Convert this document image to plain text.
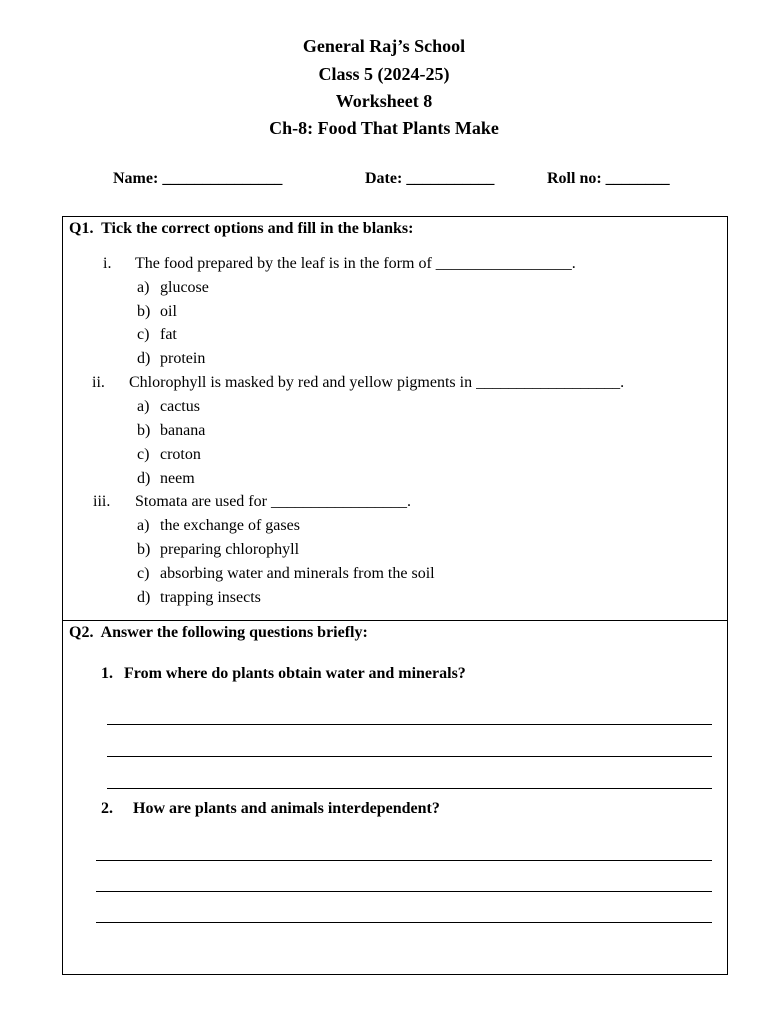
General Raj’s School
Class 5 (2024-25)
Worksheet 8
Ch-8: Food That Plants Make
Name: _______________	Date: ___________	Roll no: ________
Q1.  Tick the correct options and fill in the blanks:
i. The food prepared by the leaf is in the form of _________________.
a) glucose
b) oil
c) fat
d) protein
ii. Chlorophyll is masked by red and yellow pigments in __________________.
a) cactus
b) banana
c) croton
d) neem
iii. Stomata are used for _________________.
a) the exchange of gases
b) preparing chlorophyll
c) absorbing water and minerals from the soil
d) trapping insects
Q2.  Answer the following questions briefly:
1. From where do plants obtain water and minerals?
2. How are plants and animals interdependent?
